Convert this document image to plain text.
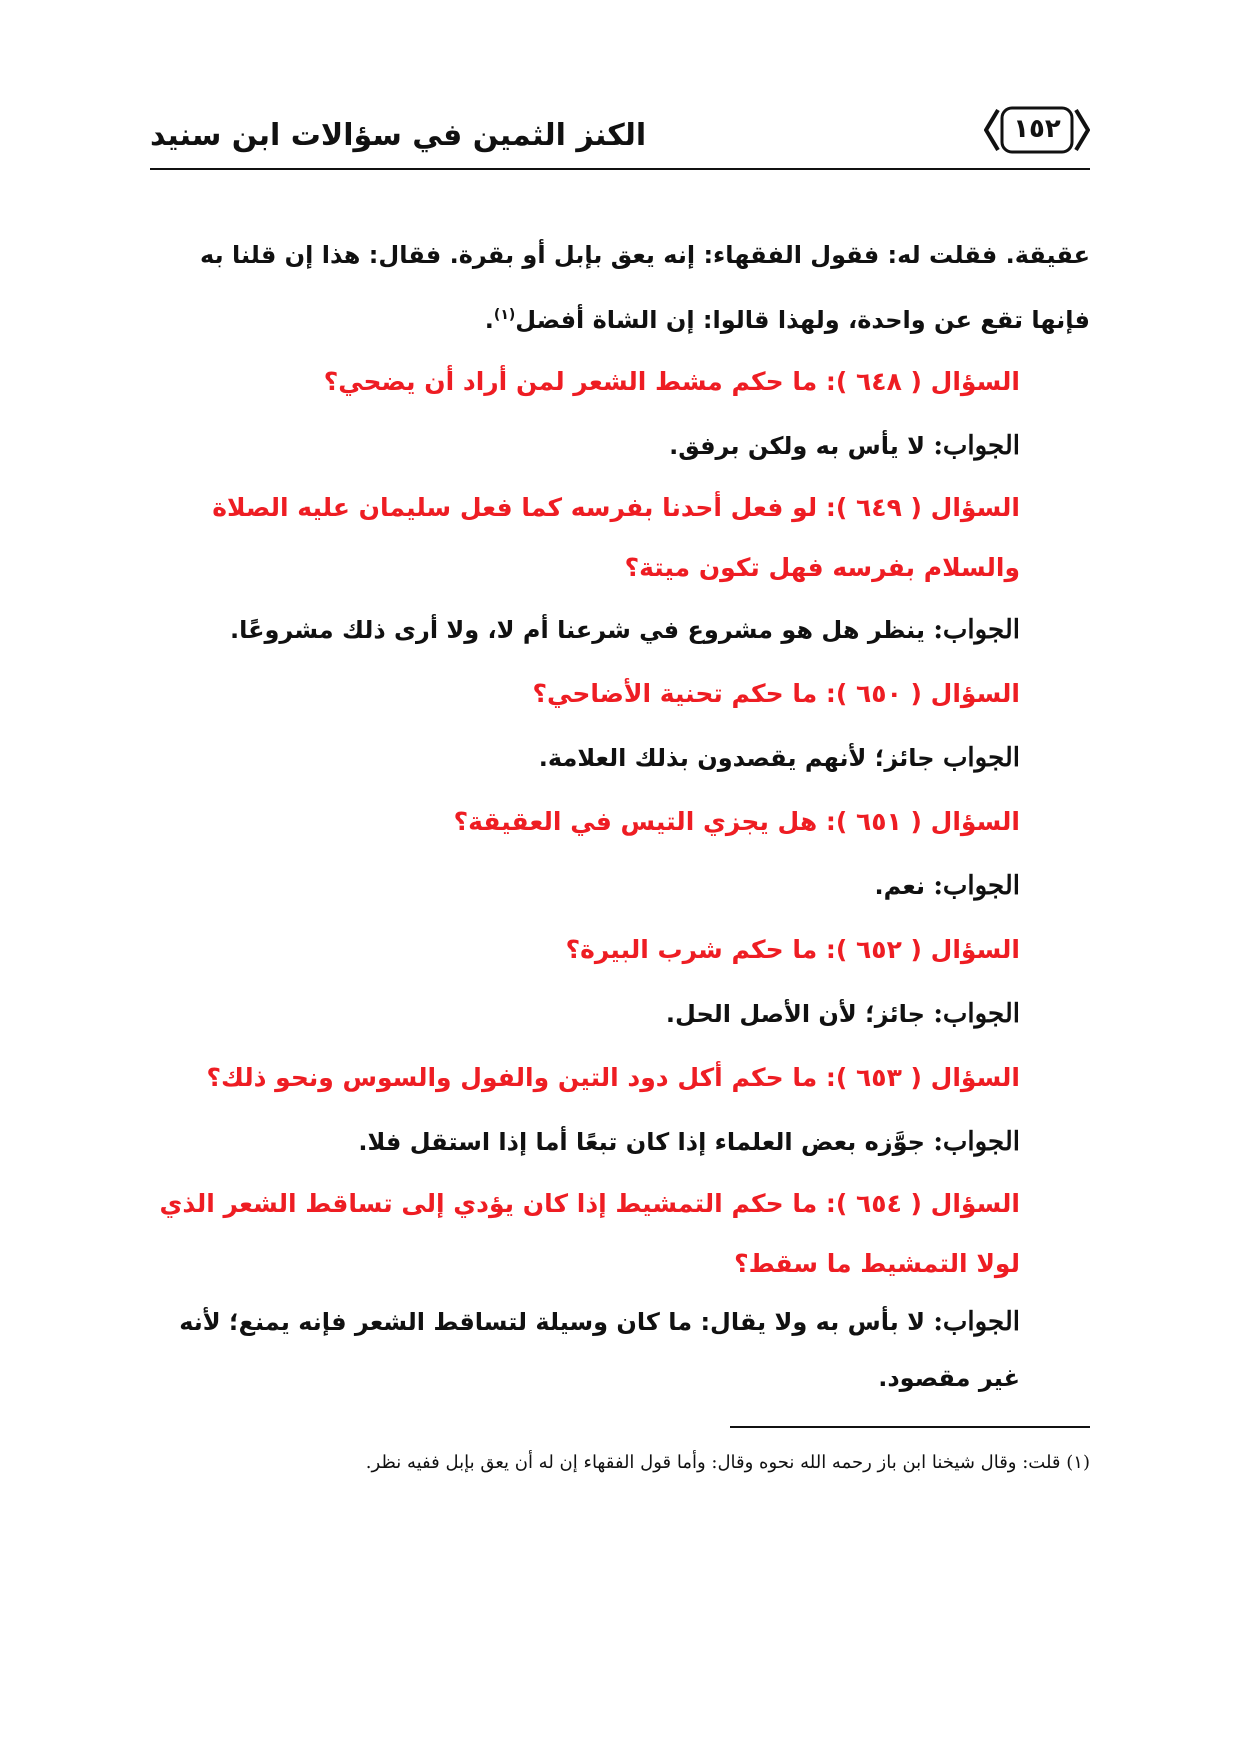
الكنز الثمين في سؤالات ابن سنيد	١٥٢

عقيقة. فقلت له: فقول الفقهاء: إنه يعق بإبل أو بقرة. فقال: هذا إن قلنا به

فإنها تقع عن واحدة، ولهذا قالوا: إن الشاة أفضل$^{(١)}$.

السؤال ( ٦٤٨ ): ما حكم مشط الشعر لمن أراد أن يضحي؟

الجواب: لا يأس به ولكن برفق.

السؤال ( ٦٤٩ ): لو فعل أحدنا بفرسه كما فعل سليمان عليه الصلاة والسلام بفرسه فهل تكون ميتة؟

الجواب: ينظر هل هو مشروع في شرعنا أم لا، ولا أرى ذلك مشروعًا.

السؤال ( ٦٥٠ ): ما حكم تحنية الأضاحي؟

الجواب جائز؛ لأنهم يقصدون بذلك العلامة.

السؤال ( ٦٥١ ): هل يجزي التيس في العقيقة؟

الجواب: نعم.

السؤال ( ٦٥٢ ): ما حكم شرب البيرة؟

الجواب: جائز؛ لأن الأصل الحل.

السؤال ( ٦٥٣ ): ما حكم أكل دود التين والفول والسوس ونحو ذلك؟

الجواب: جوَّزه بعض العلماء إذا كان تبعًا أما إذا استقل فلا.

السؤال ( ٦٥٤ ): ما حكم التمشيط إذا كان يؤدي إلى تساقط الشعر الذي لولا التمشيط ما سقط؟

الجواب: لا بأس به ولا يقال: ما كان وسيلة لتساقط الشعر فإنه يمنع؛ لأنه غير مقصود.

(١) قلت: وقال شيخنا ابن باز رحمه الله نحوه وقال: وأما قول الفقهاء إن له أن يعق بإبل ففيه نظر.
